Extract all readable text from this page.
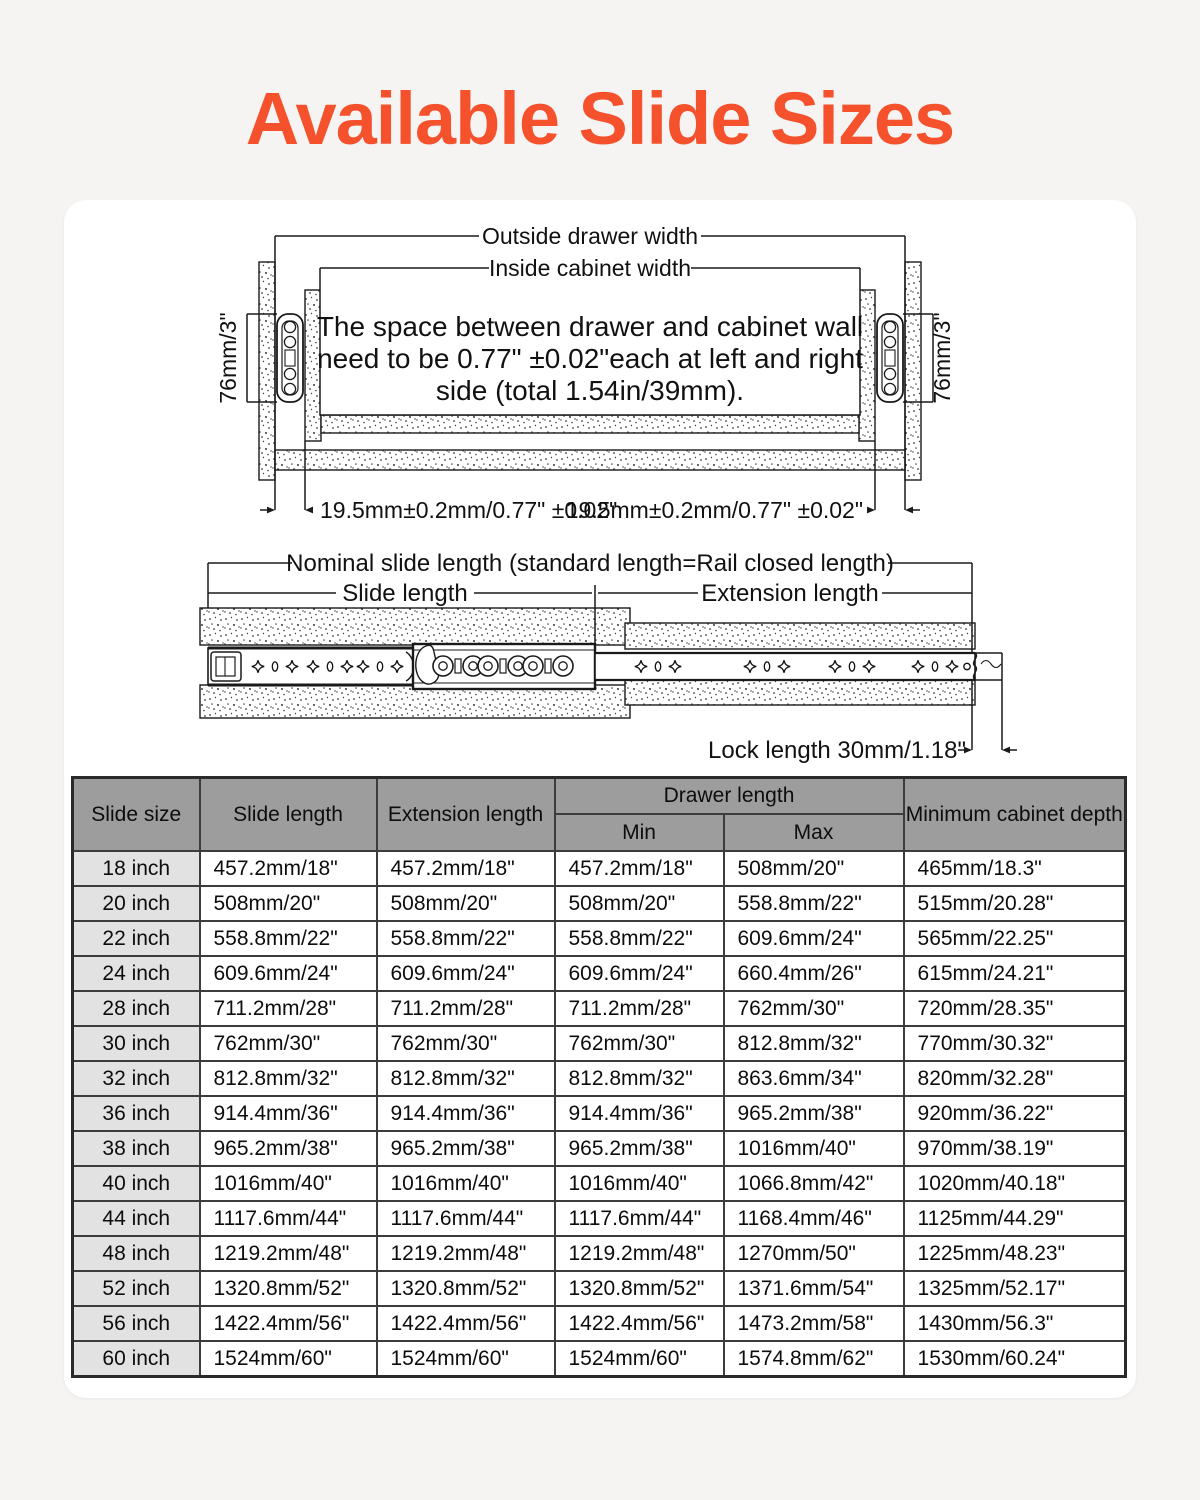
Available Slide Sizes
Outside drawer width
Inside cabinet width
The space between drawer and cabinet wall
need to be 0.77" ±0.02"each at left and right
side (total 1.54in/39mm).
76mm/3"	76mm/3"
19.5mm±0.2mm/0.77" ±0.02"
19.5mm±0.2mm/0.77" ±0.02"
Nominal slide length (standard length=Rail closed length)
Slide length	Extension length
Lock length 30mm/1.18"
Slide size	Slide length	Extension length	Drawer length		Minimum cabinet depth
			Min	Max	
18 inch	457.2mm/18"	457.2mm/18"	457.2mm/18"	508mm/20"	465mm/18.3"
20 inch	508mm/20"	508mm/20"	508mm/20"	558.8mm/22"	515mm/20.28"
22 inch	558.8mm/22"	558.8mm/22"	558.8mm/22"	609.6mm/24"	565mm/22.25"
24 inch	609.6mm/24"	609.6mm/24"	609.6mm/24"	660.4mm/26"	615mm/24.21"
28 inch	711.2mm/28"	711.2mm/28"	711.2mm/28"	762mm/30"	720mm/28.35"
30 inch	762mm/30"	762mm/30"	762mm/30"	812.8mm/32"	770mm/30.32"
32 inch	812.8mm/32"	812.8mm/32"	812.8mm/32"	863.6mm/34"	820mm/32.28"
36 inch	914.4mm/36"	914.4mm/36"	914.4mm/36"	965.2mm/38"	920mm/36.22"
38 inch	965.2mm/38"	965.2mm/38"	965.2mm/38"	1016mm/40"	970mm/38.19"
40 inch	1016mm/40"	1016mm/40"	1016mm/40"	1066.8mm/42"	1020mm/40.18"
44 inch	1117.6mm/44"	1117.6mm/44"	1117.6mm/44"	1168.4mm/46"	1125mm/44.29"
48 inch	1219.2mm/48"	1219.2mm/48"	1219.2mm/48"	1270mm/50"	1225mm/48.23"
52 inch	1320.8mm/52"	1320.8mm/52"	1320.8mm/52"	1371.6mm/54"	1325mm/52.17"
56 inch	1422.4mm/56"	1422.4mm/56"	1422.4mm/56"	1473.2mm/58"	1430mm/56.3"
60 inch	1524mm/60"	1524mm/60"	1524mm/60"	1574.8mm/62"	1530mm/60.24"
